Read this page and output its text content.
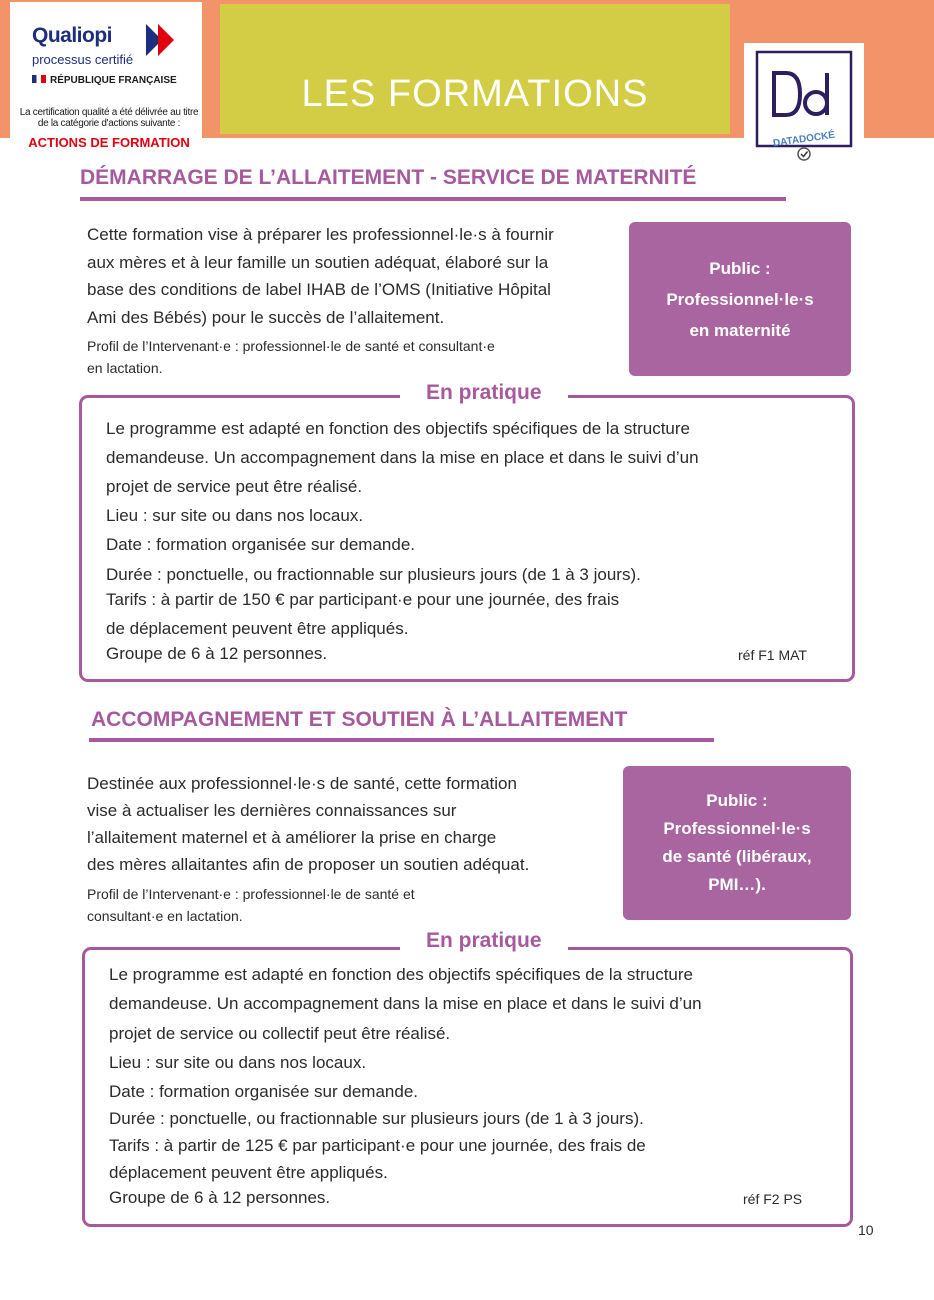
Qualiopi
processus certifié
RÉPUBLIQUE FRANÇAISE
La certification qualité a été délivrée au titre de la catégorie d'actions suivante :
ACTIONS DE FORMATION
LES FORMATIONS
DATADOCKÉ
DÉMARRAGE DE L’ALLAITEMENT - SERVICE DE MATERNITÉ
Cette formation vise à préparer les professionnel·le·s à fournir
aux mères et à leur famille un soutien adéquat, élaboré sur la
base des conditions de label IHAB de l’OMS (Initiative Hôpital
Ami des Bébés) pour le succès de l’allaitement.
Profil de l’Intervenant·e : professionnel·le de santé et consultant·e
en lactation.
Public :
Professionnel·le·s
en maternité
En pratique
Le programme est adapté en fonction des objectifs spécifiques de la structure
demandeuse. Un accompagnement dans la mise en place et dans le suivi d’un
projet de service peut être réalisé.
Lieu : sur site ou dans nos locaux.
Date : formation organisée sur demande.
Durée : ponctuelle, ou fractionnable sur plusieurs jours (de 1 à 3 jours).
Tarifs : à partir de 150 € par participant·e pour une journée, des frais
de déplacement peuvent être appliqués.
Groupe de 6 à 12 personnes.	réf F1 MAT
ACCOMPAGNEMENT ET SOUTIEN À L’ALLAITEMENT
Destinée aux professionnel·le·s de santé, cette formation
vise à actualiser les dernières connaissances sur
l’allaitement maternel et à améliorer la prise en charge
des mères allaitantes afin de proposer un soutien adéquat.
Profil de l’Intervenant·e : professionnel·le de santé et
consultant·e en lactation.
Public :
Professionnel·le·s
de santé (libéraux,
PMI…).
En pratique
Le programme est adapté en fonction des objectifs spécifiques de la structure
demandeuse. Un accompagnement dans la mise en place et dans le suivi d’un
projet de service ou collectif peut être réalisé.
Lieu : sur site ou dans nos locaux.
Date : formation organisée sur demande.
Durée : ponctuelle, ou fractionnable sur plusieurs jours (de 1 à 3 jours).
Tarifs : à partir de 125 € par participant·e pour une journée, des frais de
déplacement peuvent être appliqués.
Groupe de 6 à 12 personnes.	réf F2 PS
10
